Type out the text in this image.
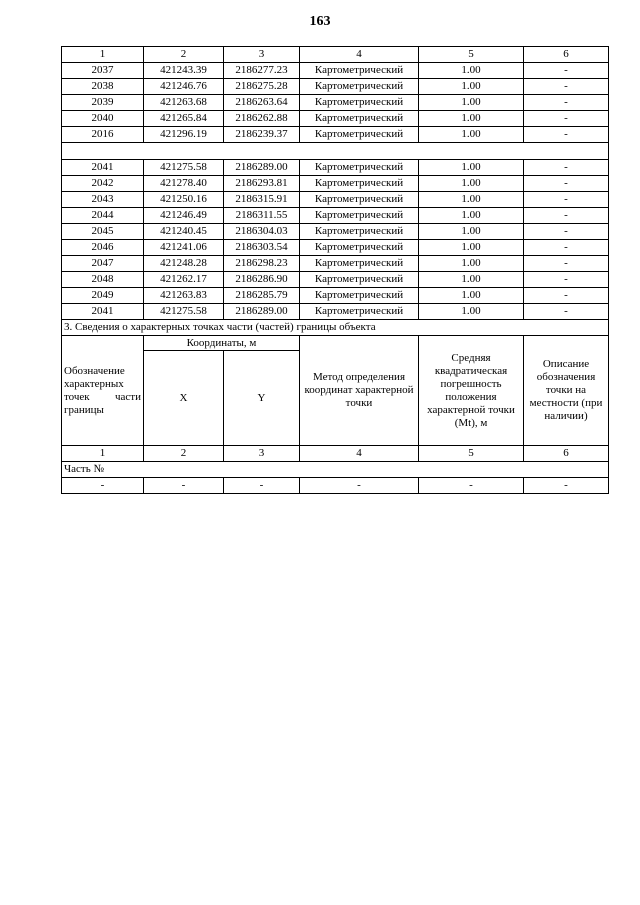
163
1	2	3	4	5	6
2037	421243.39	2186277.23	Картометрический	1.00	-
2038	421246.76	2186275.28	Картометрический	1.00	-
2039	421263.68	2186263.64	Картометрический	1.00	-
2040	421265.84	2186262.88	Картометрический	1.00	-
2016	421296.19	2186239.37	Картометрический	1.00	-

2041	421275.58	2186289.00	Картометрический	1.00	-
2042	421278.40	2186293.81	Картометрический	1.00	-
2043	421250.16	2186315.91	Картометрический	1.00	-
2044	421246.49	2186311.55	Картометрический	1.00	-
2045	421240.45	2186304.03	Картометрический	1.00	-
2046	421241.06	2186303.54	Картометрический	1.00	-
2047	421248.28	2186298.23	Картометрический	1.00	-
2048	421262.17	2186286.90	Картометрический	1.00	-
2049	421263.83	2186285.79	Картометрический	1.00	-
2041	421275.58	2186289.00	Картометрический	1.00	-
3. Сведения о характерных точках части (частей) границы объекта					
Обозначение характерных точек части границы	Координаты, м		Метод определения координат характерной точки	Средняя квадратическая погрешность положения характерной точки (Mt), м	Описание обозначения точки на местности (при наличии)
	X	Y			
1	2	3	4	5	6
Часть №					
-	-	-	-	-	-
